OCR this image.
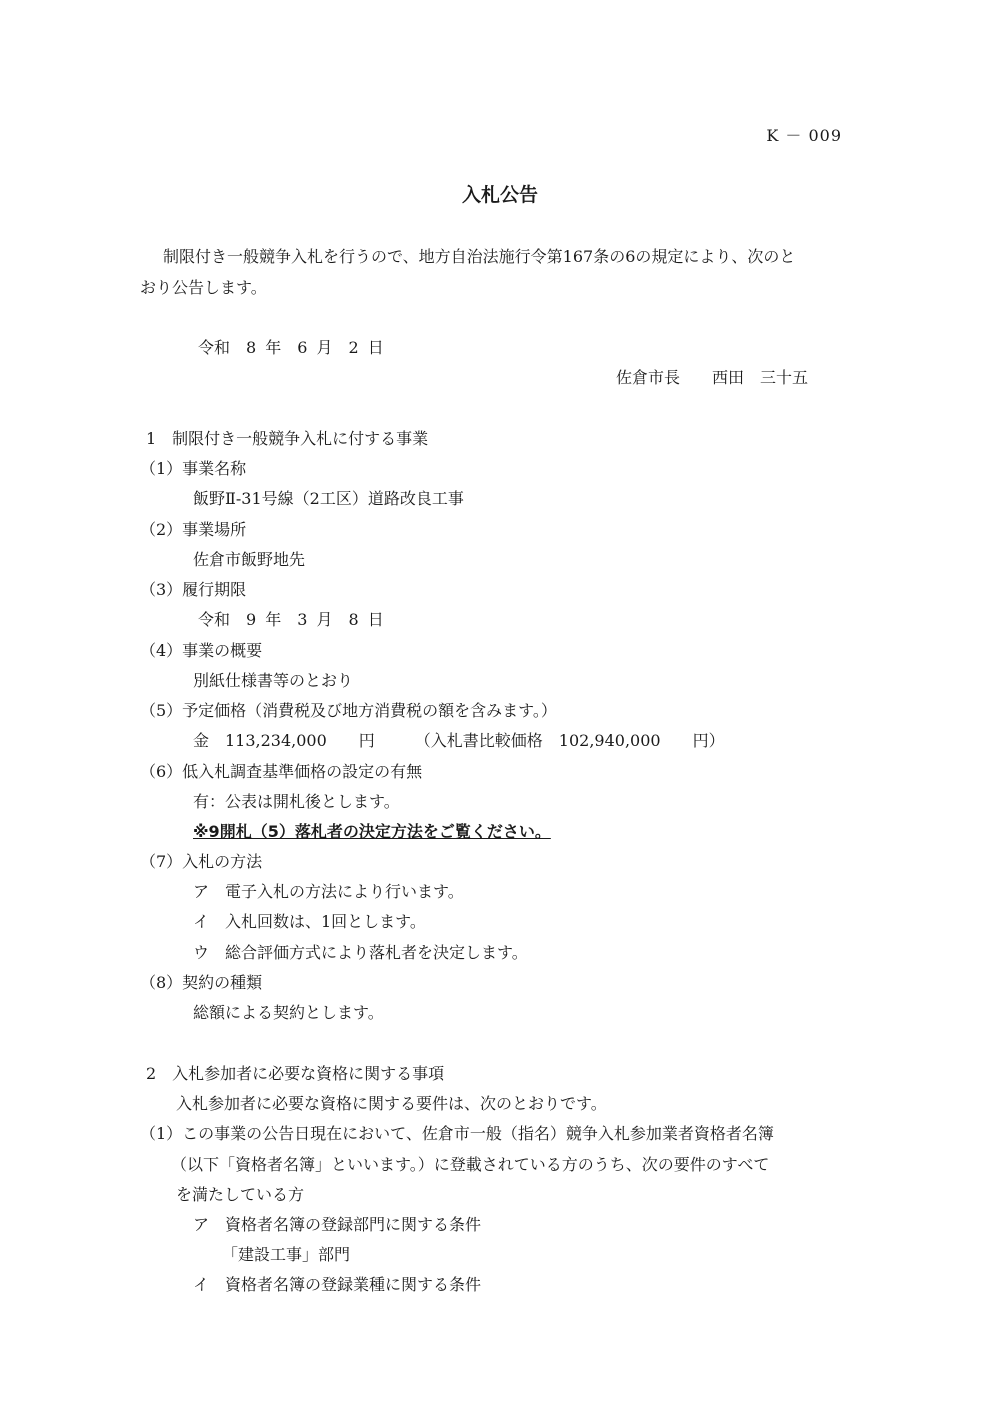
K － 009
入札公告
制限付き一般競争入札を行うので、地方自治法施行令第167条の6の規定により、次のと
おり公告します。
令和　8 年　6 月　2 日
佐倉市長　　西田　三十五
1　制限付き一般競争入札に付する事業
（1）事業名称
飯野Ⅱ-31号線（2工区）道路改良工事
（2）事業場所
佐倉市飯野地先
（3）履行期限
令和　9 年　3 月　8 日
（4）事業の概要
別紙仕様書等のとおり
（5）予定価格（消費税及び地方消費税の額を含みます。）
金　113,234,000　　円　　　（入札書比較価格　102,940,000　　円）
（6）低入札調査基準価格の設定の有無
有：公表は開札後とします。
※9開札（5）落札者の決定方法をご覧ください。
（7）入札の方法
ア　電子入札の方法により行います。
イ　入札回数は、1回とします。
ウ　総合評価方式により落札者を決定します。
（8）契約の種類
総額による契約とします。
2　入札参加者に必要な資格に関する事項
入札参加者に必要な資格に関する要件は、次のとおりです。
（1）この事業の公告日現在において、佐倉市一般（指名）競争入札参加業者資格者名簿
（以下「資格者名簿」といいます。）に登載されている方のうち、次の要件のすべて
を満たしている方
ア　資格者名簿の登録部門に関する条件
「建設工事」部門
イ　資格者名簿の登録業種に関する条件
